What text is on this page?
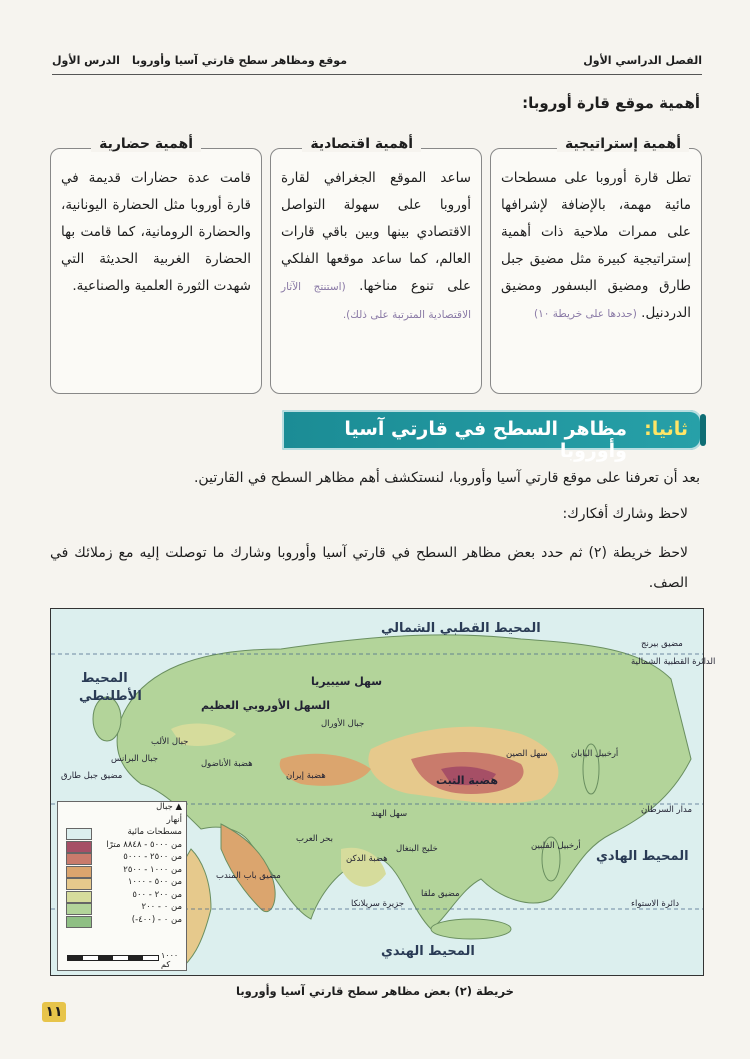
الفصل الدراسي الأول
موقع ومظاهر سطح قارتي آسيا وأوروبا
الدرس الأول
أهمية موقع قارة أوروبا:
أهمية إستراتيجية
تطل قارة أوروبا على مسطحات مائية مهمة، بالإضافة لإشرافها على ممرات ملاحية ذات أهمية إستراتيجية كبيرة مثل مضيق جبل طارق ومضيق البسفور ومضيق الدردنيل. (حددها على خريطة ١٠)
أهمية اقتصادية
ساعد الموقع الجغرافي لقارة أوروبا على سهولة التواصل الاقتصادي بينها وبين باقي قارات العالم، كما ساعد موقعها الفلكي على تنوع مناخها. (استنتج الآثار الاقتصادية المترتبة على ذلك).
أهمية حضارية
قامت عدة حضارات قديمة في قارة أوروبا مثل الحضارة اليونانية، والحضارة الرومانية، كما قامت بها الحضارة الغربية الحديثة التي شهدت الثورة العلمية والصناعية.
ثانيا:
مظاهر السطح في قارتي آسيا وأوروبا
بعد أن تعرفنا على موقع قارتي آسيا وأوروبا، لنستكشف أهم مظاهر السطح في القارتين.
لاحظ وشارك أفكارك:
لاحظ خريطة (٢) ثم حدد بعض مظاهر السطح في قارتي آسيا وأوروبا وشارك ما توصلت إليه مع زملائك في الصف.
المحيط القطبي الشمالي
مضيق بيرنج
الدائرة القطبية الشمالية
المحيط
الأطلنطي
سهل سيبيريا
السهل الأوروبي العظيم
جبال الأورال
جبال الألب
جبال البرانس
مضيق جبل طارق
هضبة الأناضول
هضبة إيران	هضبة التبت
سهل الصين	أرخبيل اليابان
مدار السرطان
سهل الهند
بحر العرب
هضبة الدكن
خليج البنغال	أرخبيل الفلبين
المحيط الهادي
مضيق باب المندب
جزيرة سريلانكا
مضيق ملقا
دائرة الاستواء
المحيط الهندي
▲ جبال
أنهار
مسطحات مائية
من ٥٠٠٠ - ٨٨٤٨ مترًا
من ٢٥٠٠ - ٥٠٠٠
من ١٠٠٠ - ٢٥٠٠
من ٥٠٠ - ١٠٠٠
من ٢٠٠ - ٥٠٠
من ٠ - ٢٠٠
من ٠ - (٤٠٠-)
١٠٠٠ كم
خريطة (٢) بعض مظاهر سطح قارتي آسيا وأوروبا
١١
